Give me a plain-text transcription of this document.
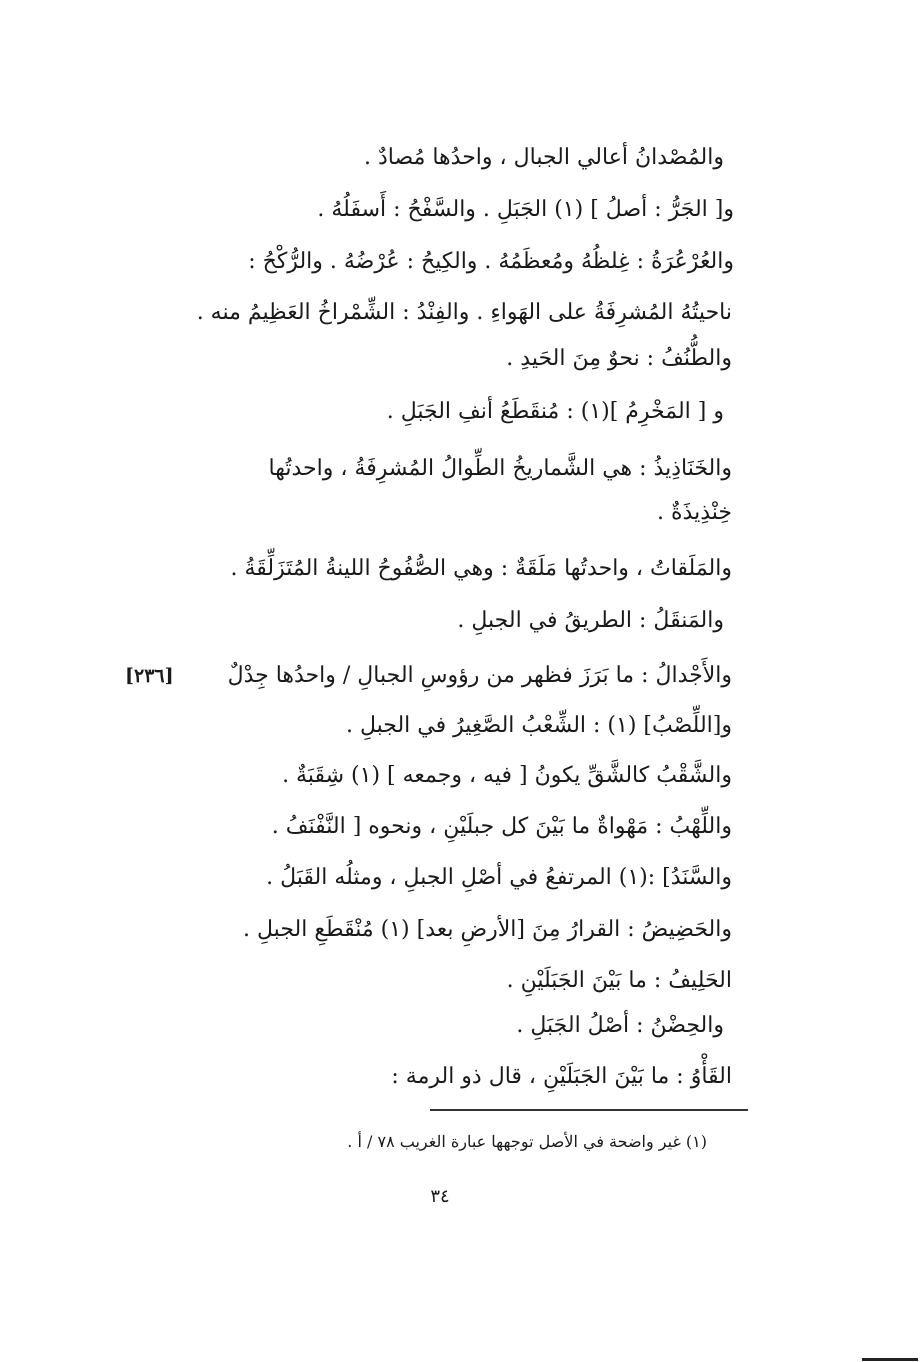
والمُصْدانُ أعالي الجبال ، واحدُها مُصادٌ .
و[ الجَرُّ : أصلُ ] (١) الجَبَلِ . والسَّفْحُ : أَسفَلُهُ .
والعُرْعُرَةُ : غِلظُهُ ومُعظَمُهُ . والكِيحُ : عُرْضُهُ . والرُّكْحُ :
ناحيتُهُ المُشرِفَةُ على الهَواءِ . والفِنْدُ : الشِّمْراخُ العَظِيمُ منه .
والطُّنُفُ : نحوٌ مِنَ الحَيدِ .
و [ المَخْرِمُ ](١) : مُنقَطَعُ أنفِ الجَبَلِ .
والخَنَاذِيذُ : هي الشَّماريخُ الطِّوالُ المُشرِفَةُ ، واحدتُها
خِنْذِيذَةٌ .
والمَلَقاتُ ، واحدتُها مَلَقَةٌ : وهي الصُّفُوحُ اللينةُ المُتَزَلِّقَةُ .
والمَنقَلُ : الطريقُ في الجبلِ .
[٢٣٦] والأَجْدالُ : ما بَرَزَ فظهر من رؤوسِ الجبالِ / واحدُها جِدْلٌ
و[اللِّصْبُ] (١) : الشِّعْبُ الصَّغِيرُ في الجبلِ .
والشَّقْبُ كالشَّقِّ يكونُ [ فيه ، وجمعه ] (١) شِقَبَةٌ .
واللِّهْبُ : مَهْواةٌ ما بَيْنَ كل جبلَيْنِ ، ونحوه [ النَّفْنَفُ .
والسَّنَدُ] :(١) المرتفعُ في أصْلِ الجبلِ ، ومثلُه القَبَلُ .
والحَضِيضُ : القرارُ مِنَ [الأرضِ بعد] (١) مُنْقَطَعِ الجبلِ .
الحَلِيفُ : ما بَيْنَ الجَبَلَيْنِ .
والحِضْنُ : أصْلُ الجَبَلِ .
القَأْوُ : ما بَيْنَ الجَبَلَيْنِ ، قال ذو الرمة :
(١) غير واضحة في الأصل توجهها عبارة الغريب ٧٨ / أ .
٣٤
